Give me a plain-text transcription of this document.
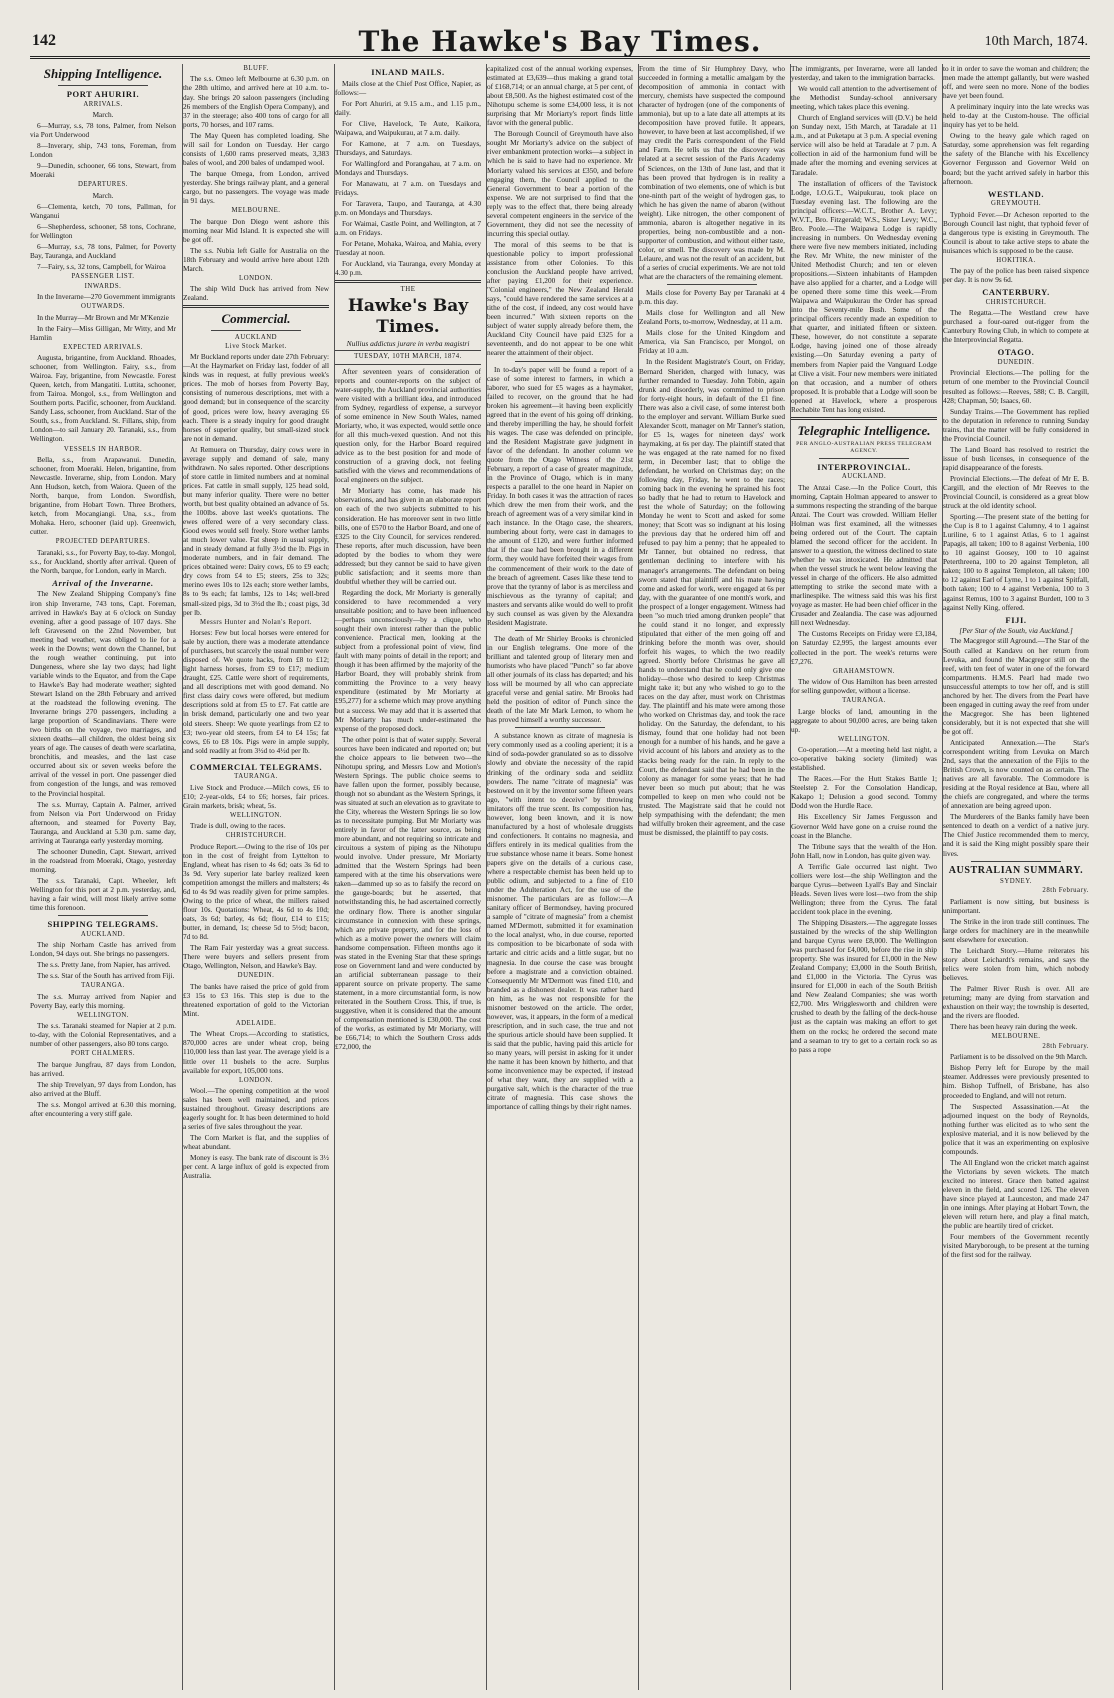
142	The Hawke's Bay Times.	10th March, 1874.
Shipping Intelligence.
PORT AHURIRI.
ARRIVALS.

March.

6—Murray, s.s, 78 tons, Palmer, from Nelson via Port Underwood

8—Inverary, ship, 743 tons, Foreman, from London

9—Dunedin, schooner, 66 tons, Stewart, from Moeraki

DEPARTURES.

March.

6—Clementa, ketch, 70 tons, Pallman, for Wanganui

6—Shepherdess, schooner, 58 tons, Cochrane, for Wellington

6—Murray, s.s, 78 tons, Palmer, for Poverty Bay, Tauranga, and Auckland

7—Fairy, s.s, 32 tons, Campbell, for Wairoa

PASSENGER LIST.
INWARDS.

In the Inverarne—270 Government immigrants

OUTWARDS.

In the Murray—Mr Brown and Mr M'Kenzie

In the Fairy—Miss Gilligan, Mr Witty, and Mr Hamlin

EXPECTED ARRIVALS.

Augusta, brigantine, from Auckland. Rhoades, schooner, from Wellington. Fairy, s.s., from Wairoa. Fay, brigantine, from Newcastle. Forest Queen, ketch, from Mangatiti. Luttita, schooner, from Tairoa. Mongol, s.s., from Wellington and Southern ports. Pacific, schooner, from Auckland. Sandy Lass, schooner, from Auckland. Star of the South, s.s., from Auckland. St. Fillans, ship, from London—to sail January 20. Taranaki, s.s., from Wellington.

VESSELS IN HARBOR.

Bella, s.s., from Arapawanui. Dunedin, schooner, from Moeraki. Helen, brigantine, from Newcastle. Inverarne, ship, from London. Mary Ann Hudson, ketch, from Waiora. Queen of the North, barque, from London. Swordfish, brigantine, from Hobart Town. Three Brothers, ketch, from Mocangiangi. Una, s.s., from Mohaka. Hero, schooner (laid up). Greenwich, cutter.

PROJECTED DEPARTURES.

Taranaki, s.s., for Poverty Bay, to-day. Mongol, s.s., for Auckland, shortly after arrival. Queen of the North, barque, for London, early in March.

Arrival of the Inverarne.

The New Zealand Shipping Company's fine iron ship Inverarne, 743 tons, Capt. Foreman, arrived in Hawke's Bay at 6 o'clock on Sunday evening, after a good passage of 107 days. She left Gravesend on the 22nd November, but meeting bad weather, was obliged to lie for a week in the Downs; went down the Channel, but the rough weather continuing, put into Dungeness, where she lay two days; had light variable winds to the Equator, and from the Cape to Hawke's Bay had moderate weather; sighted Stewart Island on the 28th February and arrived at the roadstead the following evening. The Inverarne brings 270 passengers, including a large proportion of Scandinavians. There were two births on the voyage, two marriages, and sixteen deaths—all children, the oldest being six years of age. The causes of death were scarlatina, bronchitis, and measles, and the last case occurred about six or seven weeks before the arrival of the vessel in port. One passenger died from congestion of the lungs, and was removed to the Provincial hospital.

The s.s. Murray, Captain A. Palmer, arrived from Nelson via Port Underwood on Friday afternoon, and steamed for Poverty Bay, Tauranga, and Auckland at 5.30 p.m. same day, arriving at Tauranga early yesterday morning.

The schooner Dunedin, Capt. Stewart, arrived in the roadstead from Moeraki, Otago, yesterday morning.

The s.s. Taranaki, Capt. Wheeler, left Wellington for this port at 2 p.m. yesterday, and, having a fair wind, will most likely arrive some time this forenoon.

SHIPPING TELEGRAMS.
AUCKLAND.

The ship Norham Castle has arrived from London, 94 days out. She brings no passengers.

The s.s. Pretty Jane, from Napier, has arrived.

The s.s. Star of the South has arrived from Fiji.

TAURANGA.

The s.s. Murray arrived from Napier and Poverty Bay, early this morning.

WELLINGTON.

The s.s. Taranaki steamed for Napier at 2 p.m. to-day, with the Colonial Representatives, and a number of other passengers, also 80 tons cargo.

PORT CHALMERS.

The barque Jungfrau, 87 days from London, has arrived.

The ship Trevelyan, 97 days from London, has also arrived at the Bluff.

The s.s. Mongol arrived at 6.30 this morning, after encountering a very stiff gale.

BLUFF.

The s.s. Omeo left Melbourne at 6.30 p.m. on the 28th ultimo, and arrived here at 10 a.m. to-day. She brings 20 saloon passengers (including 26 members of the English Opera Company), and 37 in the steerage; also 400 tons of cargo for all ports, 70 horses, and 107 rams.

The May Queen has completed loading. She will sail for London on Tuesday. Her cargo consists of 1,600 rams preserved meats, 3,383 bales of wool, and 200 bales of undamped wool.

The barque Omega, from London, arrived yesterday. She brings railway plant, and a general cargo, but no passengers. The voyage was made in 91 days.

MELBOURNE.

The barque Don Diego went ashore this morning near Mid Island. It is expected she will be got off.

The s.s. Nubia left Galle for Australia on the 18th February and would arrive here about 12th March.

LONDON.

The ship Wild Duck has arrived from New Zealand.

Commercial.
AUCKLAND
Live Stock Market.

Mr Buckland reports under date 27th February:—At the Haymarket on Friday last, fodder of all kinds was in request, at fully previous week's prices. The mob of horses from Poverty Bay, consisting of numerous descriptions, met with a good demand; but in consequence of the scarcity of good, prices were low, heavy averaging £6 each. There is a steady inquiry for good draught horses of superior quality, but small-sized stock are not in demand.

At Remuera on Thursday, dairy cows were in average supply and demand of sale, many withdrawn. No sales reported. Other descriptions of store cattle in limited numbers and at nominal prices. Fat cattle in small supply, 125 head sold, but many inferior quality. There were no better worth, but best quality obtained an advance of 5s. the 100lbs. above last week's quotations. The ewes offered were of a very secondary class. Good ewes would sell freely. Store wether lambs at much lower value. Fat sheep in usual supply, and in steady demand at fully 3½d the lb. Pigs in moderate numbers, and in fair demand. The prices obtained were: Dairy cows, £6 to £9 each; dry cows from £4 to £5; steers, 25s to 32s; merino ewes 10s to 12s each; store wether lambs, 8s to 9s each; fat lambs, 12s to 14s; well-bred small-sized pigs, 3d to 3½d the lb.; coast pigs, 3d per lb.

Messrs Hunter and Nolan's Report.

Horses: Few but local horses were entered for sale by auction, there was a moderate attendance of purchasers, but scarcely the usual number were disposed of. We quote hacks, from £8 to £12; light harness horses, from £9 to £17; medium draught, £25. Cattle were short of requirements, and all descriptions met with good demand. No first class dairy cows were offered, but medium descriptions sold at from £5 to £7. Fat cattle are in brisk demand, particularly one and two year old steers. Sheep: We quote yearlings from £2 to £3; two-year old steers, from £4 to £4 15s; fat cows, £6 to £8 10s. Pigs were in ample supply, and sold readily at from 3½d to 4½d per lb.

COMMERCIAL TELEGRAMS.
TAURANGA.

Live Stock and Produce.—Milch cows, £6 to £10; 2-year-olds, £4 to £6; horses, fair prices. Grain markets, brisk; wheat, 5s.

WELLINGTON.

Trade is dull, owing to the races.

CHRISTCHURCH.

Produce Report.—Owing to the rise of 10s per ton in the cost of freight from Lyttelton to England, wheat has risen to 4s 6d; oats 3s 6d to 3s 9d. Very superior late barley realized keen competition amongst the millers and maltsters; 4s 6d to 4s 9d was readily given for prime samples. Owing to the price of wheat, the millers raised flour 10s. Quotations: Wheat, 4s 6d to 4s 10d; oats, 3s 6d; barley, 4s 6d; flour, £14 to £15; butter, in demand, 1s; cheese 5d to 5½d; bacon, 7d to 8d.

The Ram Fair yesterday was a great success. There were buyers and sellers present from Otago, Wellington, Nelson, and Hawke's Bay.

DUNEDIN.

The banks have raised the price of gold from £3 15s to £3 16s. This step is due to the threatened exportation of gold to the Victorian Mint.

ADELAIDE.

The Wheat Crops.—According to statistics, 870,000 acres are under wheat crop, being 110,000 less than last year. The average yield is a little over 11 bushels to the acre. Surplus available for export, 105,000 tons.

LONDON.

Wool.—The opening competition at the wool sales has been well maintained, and prices sustained throughout. Greasy descriptions are eagerly sought for. It has been determined to hold a series of five sales throughout the year.

The Corn Market is flat, and the supplies of wheat abundant.

Money is easy. The bank rate of discount is 3½ per cent. A large influx of gold is expected from Australia.

INLAND MAILS.

Mails close at the Chief Post Office, Napier, as follows:—

For Port Ahuriri, at 9.15 a.m., and 1.15 p.m., daily.

For Clive, Havelock, Te Aute, Kaikora, Waipawa, and Waipukurau, at 7 a.m. daily.

For Kamone, at 7 a.m. on Tuesdays, Thursdays, and Saturdays.

For Wallingford and Porangahau, at 7 a.m. on Mondays and Thursdays.

For Manawatu, at 7 a.m. on Tuesdays and Fridays.

For Taravera, Taupo, and Tauranga, at 4.30 p.m. on Mondays and Thursdays.

For Waimai, Castle Point, and Wellington, at 7 a.m. on Fridays.

For Petane, Mohaka, Wairoa, and Mahia, every Tuesday at noon.

For Auckland, via Tauranga, every Monday at 4.30 p.m.

THE
Hawke's Bay Times.
Nullius addictus jurare in verba magistri
TUESDAY, 10TH MARCH, 1874.

After seventeen years of consideration of reports and counter-reports on the subject of water-supply, the Auckland provincial authorities were visited with a brilliant idea, and introduced from Sydney, regardless of expense, a surveyor of some eminence in New South Wales, named Moriarty, who, it was expected, would settle once for all this much-vexed question. And not this question only, for the Harbor Board required advice as to the best position for and mode of construction of a graving dock, not feeling satisfied with the views and recommendations of local engineers on the subject.

Mr Moriarty has come, has made his observations, and has given in an elaborate report on each of the two subjects submitted to his consideration. He has moreover sent in two little bills, one of £570 to the Harbor Board, and one of £325 to the City Council, for services rendered. These reports, after much discussion, have been adopted by the bodies to whom they were addressed; but they cannot be said to have given public satisfaction; and it seems more than doubtful whether they will be carried out.

Regarding the dock, Mr Moriarty is generally considered to have recommended a very unsuitable position; and to have been influenced—perhaps unconsciously—by a clique, who sought their own interest rather than the public convenience. Practical men, looking at the subject from a professional point of view, find fault with many points of detail in the report; and though it has been affirmed by the majority of the Harbor Board, they will probably shrink from committing the Province to a very heavy expenditure (estimated by Mr Moriarty at £95,277) for a scheme which may prove anything but a success. We may add that it is asserted that Mr Moriarty has much under-estimated the expense of the proposed dock.

The other point is that of water supply. Several sources have been indicated and reported on; but the choice appears to lie between two—the Nihotupu spring, and Messrs Low and Motion's Western Springs. The public choice seems to have fallen upon the former, possibly because, though not so abundant as the Western Springs, it was situated at such an elevation as to gravitate to the City, whereas the Western Springs lie so low as to necessitate pumping. But Mr Moriarty was entirely in favor of the latter source, as being more abundant, and not requiring so intricate and circuitous a system of piping as the Nihotupu would involve. Under pressure, Mr Moriarty admitted that the Western Springs had been tampered with at the time his observations were taken—dammed up so as to falsify the record on the gauge-boards; but he asserted, that notwithstanding this, he had ascertained correctly the ordinary flow. There is another singular circumstance in connexion with these springs, which are private property, and for the loss of which as a motive power the owners will claim handsome compensation. Fifteen months ago it was stated in the Evening Star that these springs rose on Government land and were conducted by an artificial subterranean passage to their apparent source on private property. The same statement, in a more circumstantial form, is now reiterated in the Southern Cross. This, if true, is suggestive, when it is considered that the amount of compensation mentioned is £30,000. The cost of the works, as estimated by Mr Moriarty, will be £66,714; to which the Southern Cross adds £72,000, the

capitalized cost of the annual working expenses, estimated at £3,639—thus making a grand total of £168,714; or an annual charge, at 5 per cent, of about £8,500. As the highest estimated cost of the Nihotupu scheme is some £34,000 less, it is not surprising that Mr Moriarty's report finds little favor with the general public.

The Borough Council of Greymouth have also sought Mr Moriarty's advice on the subject of river embankment protection works—a subject in which he is said to have had no experience. Mr Moriarty valued his services at £350, and before engaging them, the Council applied to the General Government to bear a portion of the expense. We are not surprised to find that the reply was to the effect that, there being already several competent engineers in the service of the Government, they did not see the necessity of incurring this special outlay.

The moral of this seems to be that is questionable policy to import professional assistance from other Colonies. To this conclusion the Auckland people have arrived, after paying £1,200 for their experience. "Colonial engineers," the New Zealand Herald says, "could have rendered the same services at a tithe of the cost, if indeed, any cost would have been incurred." With sixteen reports on the subject of water supply already before them, the Auckland City Council have paid £325 for a seventeenth, and do not appear to be one whit nearer the attainment of their object.

In to-day's paper will be found a report of a case of some interest to farmers, in which a laborer, who sued for £5 wages as a haymaker, failed to recover, on the ground that he had broken his agreement—it having been explicitly agreed that in the event of his going off drinking, and thereby imperilling the hay, he should forfeit his wages. The case was defended on principle, and the Resident Magistrate gave judgment in favor of the defendant. In another column we quote from the Otago Witness of the 21st February, a report of a case of greater magnitude, in the Province of Otago, which is in many respects a parallel to the one heard in Napier on Friday. In both cases it was the attraction of races which drew the men from their work, and the breach of agreement was of a very similar kind in each instance. In the Otago case, the shearers, numbering about forty, were cast in damages to the amount of £120, and were further informed that if the case had been brought in a different form, they would have forfeited their wages from the commencement of their work to the date of the breach of agreement. Cases like these tend to prove that the tyranny of labor is as merciless and mischievous as the tyranny of capital; and masters and servants alike would do well to profit by such counsel as was given by the Alexandra Resident Magistrate.

The death of Mr Shirley Brooks is chronicled in our English telegrams. One more of the brilliant and talented group of literary men and humorists who have placed "Punch" so far above all other journals of its class has departed; and his loss will be mourned by all who can appreciate graceful verse and genial satire. Mr Brooks had held the position of editor of Punch since the death of the late Mr Mark Lemon, to whom he has proved himself a worthy successor.

A substance known as citrate of magnesia is very commonly used as a cooling aperient; it is a kind of soda-powder granulated so as to dissolve slowly and obviate the necessity of the rapid drinking of the ordinary soda and seidlitz powders. The name "citrate of magnesia" was bestowed on it by the inventor some fifteen years ago, "with intent to deceive" by throwing imitators off the true scent. Its composition has, however, long been known, and it is now manufactured by a host of wholesale druggists and confectioners. It contains no magnesia, and differs entirely in its medical qualities from the true substance whose name it bears. Some honest papers give on the details of a curious case, where a respectable chemist has been held up to public odium, and subjected to a fine of £10 under the Adulteration Act, for the use of the misnomer. The particulars are as follow:—A sanitary officer of Bermondsey, having procured a sample of "citrate of magnesia" from a chemist named M'Dermott, submitted it for examination to the local analyst, who, in due course, reported its composition to be bicarbonate of soda with tartaric and citric acids and a little sugar, but no magnesia. In due course the case was brought before a magistrate and a conviction obtained. Consequently Mr M'Dermott was fined £10, and branded as a dishonest dealer. It was rather hard on him, as he was not responsible for the misnomer bestowed on the article. The order, however, was, it appears, in the form of a medical prescription, and in such case, the true and not the spurious article should have been supplied. It is said that the public, having paid this article for so many years, will persist in asking for it under the name it has been known by hitherto, and that some inconvenience may be expected, if instead of what they want, they are supplied with a purgative salt, which is the character of the true citrate of magnesia. This case shows the importance of calling things by their right names.

From the time of Sir Humphrey Davy, who succeeded in forming a metallic amalgam by the decomposition of ammonia in contact with mercury, chemists have suspected the compound character of hydrogen (one of the components of ammonia), but up to a late date all attempts at its decomposition have proved futile. It appears, however, to have been at last accomplished, if we may credit the Paris correspondent of the Field and Farm. He tells us that the discovery was related at a secret session of the Paris Academy of Sciences, on the 13th of June last, and that it has been proved that hydrogen is in reality a combination of two elements, one of which is but one-ninth part of the weight of hydrogen gas, to which he has given the name of abaron (without weight). Like nitrogen, the other component of ammonia, abaron is altogether negative in its properties, being non-combustible and a non-supporter of combustion, and without either taste, color, or smell. The discovery was made by M. Lelaure, and was not the result of an accident, but of a series of crucial experiments. We are not told what are the characters of the remaining element.

Mails close for Poverty Bay per Taranaki at 4 p.m. this day.

Mails close for Wellington and all New Zealand Ports, to-morrow, Wednesday, at 11 a.m.

Mails close for the United Kingdom and America, via San Francisco, per Mongol, on Friday at 10 a.m.

In the Resident Magistrate's Court, on Friday, Bernard Sheriden, charged with lunacy, was further remanded to Tuesday. John Tobin, again drunk and disorderly, was committed to prison for forty-eight hours, in default of the £1 fine. There was also a civil case, of some interest both to the employer and servant. William Burke sued Alexander Scott, manager on Mr Tanner's station, for £5 1s, wages for nineteen days' work haymaking, at 6s per day. The plaintiff stated that he was engaged at the rate named for no fixed term, in December last; that to oblige the defendant, he worked on Christmas day; on the following day, Friday, he went to the races; coming back in the evening he sprained his foot so badly that he had to return to Havelock and rest the whole of Saturday; on the following Monday he went to Scott and asked for some money; that Scott was so indignant at his losing the previous day that he ordered him off and refused to pay him a penny; that he appealed to Mr Tanner, but obtained no redress, that gentleman declining to interfere with his manager's arrangements. The defendant on being sworn stated that plaintiff and his mate having come and asked for work, were engaged at 6s per day, with the guarantee of one month's work, and the prospect of a longer engagement. Witness had been "so much tried among drunken people" that he could stand it no longer, and expressly stipulated that either of the men going off and drinking before the month was over, should forfeit his wages, to which the two readily agreed. Shortly before Christmas he gave all hands to understand that he could only give one holiday—those who desired to keep Christmas might take it; but any who wished to go to the races on the day after, must work on Christmas day. The plaintiff and his mate were among those who worked on Christmas day, and took the race holiday. On the Saturday, the defendant, to his dismay, found that one holiday had not been enough for a number of his hands, and he gave a vivid account of his labors and anxiety as to the stacks being ready for the rain. In reply to the Court, the defendant said that he had been in the colony as manager for some years; that he had never been so much put about; that he was compelled to keep on men who could not be trusted. The Magistrate said that he could not help sympathising with the defendant; the men had wilfully broken their agreement, and the case must be dismissed, the plaintiff to pay costs.

The immigrants, per Inverarne, were all landed yesterday, and taken to the immigration barracks.

We would call attention to the advertisement of the Methodist Sunday-school anniversary meeting, which takes place this evening.

Church of England services will (D.V.) be held on Sunday next, 15th March, at Taradale at 11 a.m., and at Puketapu at 3 p.m. A special evening service will also be held at Taradale at 7 p.m. A collection in aid of the harmonium fund will be made after the morning and evening services at Taradale.

The installation of officers of the Tavistock Lodge, I.O.G.T., Waipukurau, took place on Tuesday evening last. The following are the principal officers:—W.C.T., Brother A. Levy; W.V.T., Bro. Fitzgerald; W.S., Sister Levy; W.C., Bro. Poole.—The Waipawa Lodge is rapidly increasing in numbers. On Wednesday evening there were five new members initiated, including the Rev. Mr White, the new minister of the United Methodist Church; and ten or eleven propositions.—Sixteen inhabitants of Hampden have also applied for a charter, and a Lodge will be opened there some time this week.—From Waipawa and Waipukurau the Order has spread into the Seventy-mile Bush. Some of the principal officers recently made an expedition to that quarter, and initiated fifteen or sixteen. These, however, do not constitute a separate Lodge, having joined one of those already existing.—On Saturday evening a party of members from Napier paid the Vanguard Lodge at Clive a visit. Four new members were initiated on that occasion, and a number of others proposed. It is probable that a Lodge will soon be opened at Havelock, where a prosperous Rechabite Tent has long existed.

Telegraphic Intelligence.
PER ANGLO-AUSTRALIAN PRESS TELEGRAM AGENCY.
INTERPROVINCIAL.
AUCKLAND.

The Anzai Case.—In the Police Court, this morning, Captain Holman appeared to answer to a summons respecting the stranding of the barque Anzai. The Court was crowded. William Heller Holman was first examined, all the witnesses being ordered out of the Court. The captain blamed the second officer for the accident. In answer to a question, the witness declined to state whether he was intoxicated. He admitted that when the vessel struck he went below leaving the vessel in charge of the officers. He also admitted attempting to strike the second mate with a marlinespike. The witness said this was his first voyage as master. He had been chief officer in the Crusader and Zealandia. The case was adjourned till next Wednesday.

The Customs Receipts on Friday were £3,184, on Saturday £2,995, the largest amounts ever collected in the port. The week's returns were £7,276.

GRAHAMSTOWN.

The widow of Ous Hamilton has been arrested for selling gunpowder, without a license.

TAURANGA.

Large blocks of land, amounting in the aggregate to about 90,000 acres, are being taken up.

WELLINGTON.

Co-operation.—At a meeting held last night, a co-operative baking society (limited) was established.

The Races.—For the Hutt Stakes Battle 1; Steelstep 2. For the Consolation Handicap, Kakapo 1; Delusion a good second. Tommy Dodd won the Hurdle Race.

His Excellency Sir James Fergusson and Governor Weld have gone on a cruise round the coast in the Blanche.

The Tribune says that the wealth of the Hon. John Hall, now in London, has quite given way.

A Terrific Gale occurred last night. Two colliers were lost—the ship Wellington and the barque Cyrus—between Lyall's Bay and Sinclair Heads. Seven lives were lost—two from the ship Wellington; three from the Cyrus. The fatal accident took place in the evening.

The Shipping Disasters.—The aggregate losses sustained by the wrecks of the ship Wellington and barque Cyrus were £8,000. The Wellington was purchased for £4,000, before the rise in ship property. She was insured for £1,000 in the New Zealand Company; £3,000 in the South British, and £1,000 in the Victoria. The Cyrus was insured for £1,000 in each of the South British and New Zealand Companies; she was worth £2,700. Mrs Wrigglesworth and children were crushed to death by the falling of the deck-house just as the captain was making an effort to get them on the rocks; he ordered the second mate and a seaman to try to get to a certain rock so as to pass a rope

to it in order to save the woman and children; the men made the attempt gallantly, but were washed off, and were seen no more. None of the bodies have yet been found.

A preliminary inquiry into the late wrecks was held to-day at the Custom-house. The official inquiry has yet to be held.

Owing to the heavy gale which raged on Saturday, some apprehension was felt regarding the safety of the Blanche with his Excellency Governor Fergusson and Governor Weld on board; but the yacht arrived safely in harbor this afternoon.

WESTLAND.
GREYMOUTH.

Typhoid Fever.—Dr Acheson reported to the Borough Council last night, that typhoid fever of a dangerous type is existing in Greymouth. The Council is about to take active steps to abate the nuisances which is supposed to be the cause.

HOKITIKA.

The pay of the police has been raised sixpence per day. It is now 9s 6d.

CANTERBURY.
CHRISTCHURCH.

The Regatta.—The Westland crew have purchased a four-oared out-rigger from the Canterbury Rowing Club, in which to compete at the Interprovincial Regatta.

OTAGO.
DUNEDIN.

Provincial Elections.—The polling for the return of one member to the Provincial Council resulted as follows:—Reeves, 588; C. B. Cargill, 428; Chapman, 50; Isaacs, 60.

Sunday Trains.—The Government has replied to the deputation in reference to running Sunday trains, that the matter will be fully considered in the Provincial Council.

The Land Board has resolved to restrict the issue of bush licenses, in consequence of the rapid disappearance of the forests.

Provincial Elections.—The defeat of Mr E. B. Cargill, and the election of Mr Reeves to the Provincial Council, is considered as a great blow struck at the old identity school.

Sporting.—The present state of the betting for the Cup is 8 to 1 against Calumny, 4 to 1 against Luriline, 6 to 1 against Atlas, 6 to 1 against Papagis, all taken; 100 to 8 against Verbenia, 100 to 10 against Goosey, 100 to 10 against Peterthreena, 100 to 20 against Templeton, all taken; 100 to 8 against Templeton, all taken; 100 to 12 against Earl of Lyme, 1 to 1 against Spitfall, both taken; 100 to 4 against Verbenia, 100 to 3 against Remus, 100 to 3 against Burdett, 100 to 3 against Nelly King, offered.

FIJI.
[Per Star of the South, via Auckland.]

The Macgregor still Aground.—The Star of the South called at Kandavu on her return from Levuka, and found the Macgregor still on the reef, with ten feet of water in one of the forward compartments. H.M.S. Pearl had made two unsuccessful attempts to tow her off, and is still anchored by her. The divers from the Pearl have been engaged in cutting away the reef from under the Macgregor. She has been lightened considerably, but it is not expected that she will be got off.

Anticipated Annexation.—The Star's correspondent writing from Levuka on March 2nd, says that the annexation of the Fijis to the British Crown, is now counted on as certain. The natives are all favorable. The Commodore is residing at the Royal residence at Bau, where all the chiefs are congregated, and where the terms of annexation are being agreed upon.

The Murderers of the Banks family have been sentenced to death on a verdict of a native jury. The Chief Justice recommended them to mercy, and it is said the King might possibly spare their lives.

AUSTRALIAN SUMMARY.
SYDNEY.
28th February.

Parliament is now sitting, but business is unimportant.

The Strike in the iron trade still continues. The large orders for machinery are in the meanwhile sent elsewhere for execution.

The Leichardt Story.—Hume reiterates his story about Leichardt's remains, and says the relics were stolen from him, which nobody believes.

The Palmer River Rush is over. All are returning; many are dying from starvation and exhaustion on their way; the township is deserted, and the rivers are flooded.

There has been heavy rain during the week.

MELBOURNE.
28th February.

Parliament is to be dissolved on the 9th March.

Bishop Perry left for Europe by the mail steamer. Addresses were previously presented to him. Bishop Tuffnell, of Brisbane, has also proceeded to England, and will not return.

The Suspected Assassination.—At the adjourned inquest on the body of Reynolds, nothing further was elicited as to who sent the explosive material, and it is now believed by the police that it was an experimenting on explosive compounds.

The All England won the cricket match against the Victorians by seven wickets. The match excited no interest. Grace then batted against eleven in the field, and scored 126. The eleven have since played at Launceston, and made 247 in one innings. After playing at Hobart Town, the eleven will return here, and play a final match, the public are heartily tired of cricket.

Four members of the Government recently visited Maryborough, to be present at the turning of the first sod for the railway.
